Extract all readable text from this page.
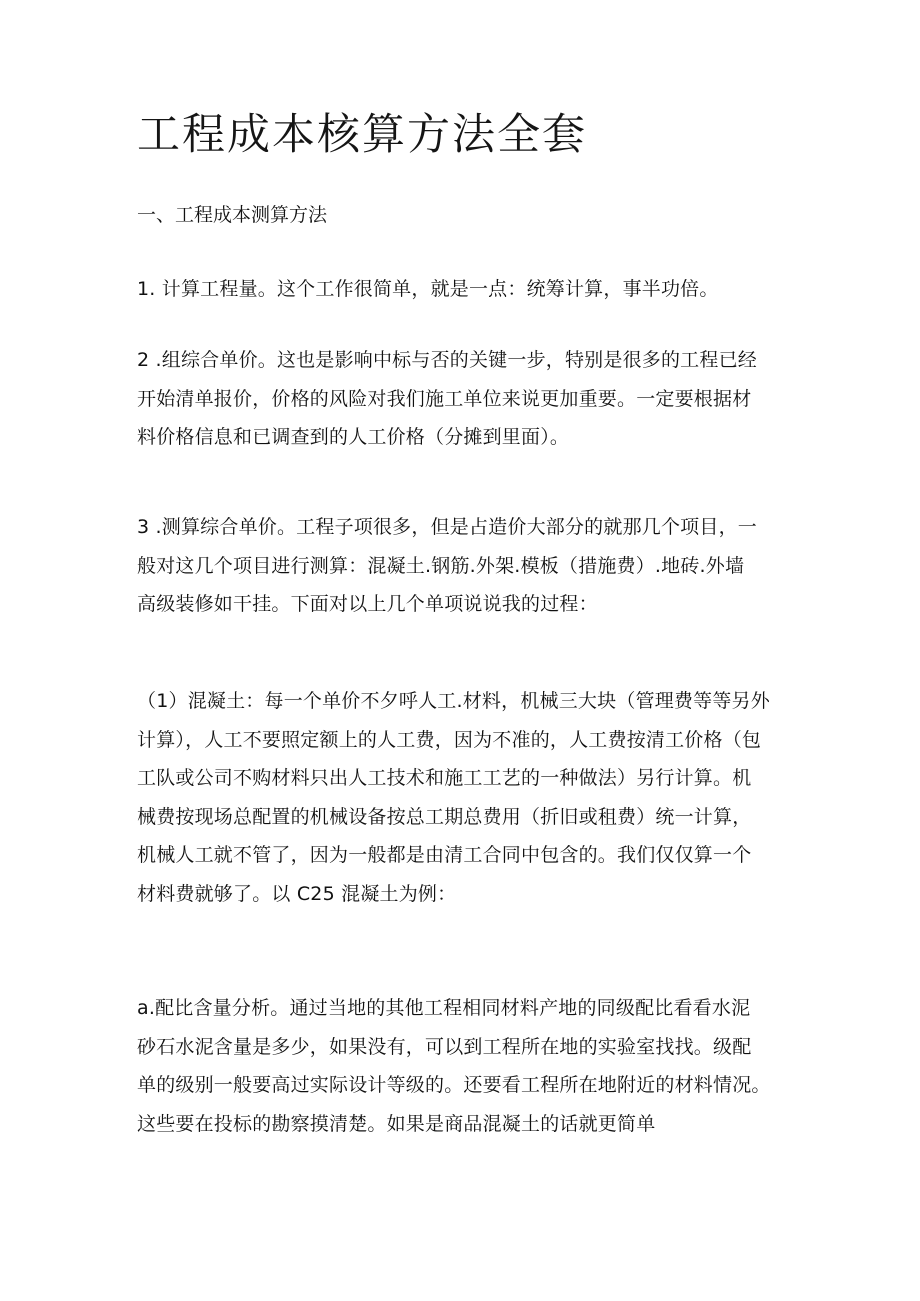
工程成本核算方法全套
一、工程成本测算方法
1. 计算工程量。这个工作很简单，就是一点：统筹计算，事半功倍。
2 .组综合单价。这也是影响中标与否的关键一步，特别是很多的工程已经
开始清单报价，价格的风险对我们施工单位来说更加重要。一定要根据材
料价格信息和已调查到的人工价格（分摊到里面）。
3 .测算综合单价。工程子项很多，但是占造价大部分的就那几个项目，一
般对这几个项目进行测算：混凝土.钢筋.外架.模板（措施费）.地砖.外墙
高级装修如干挂。下面对以上几个单项说说我的过程：
（1）混凝土：每一个单价不夕呼人工.材料，机械三大块（管理费等等另外
计算），人工不要照定额上的人工费，因为不准的，人工费按清工价格（包
工队或公司不购材料只出人工技术和施工工艺的一种做法）另行计算。机
械费按现场总配置的机械设备按总工期总费用（折旧或租费）统一计算，
机械人工就不管了，因为一般都是由清工合同中包含的。我们仅仅算一个
材料费就够了。以 C25 混凝土为例：
a.配比含量分析。通过当地的其他工程相同材料产地的同级配比看看水泥
砂石水泥含量是多少，如果没有，可以到工程所在地的实验室找找。级配
单的级别一般要高过实际设计等级的。还要看工程所在地附近的材料情况。
这些要在投标的勘察摸清楚。如果是商品混凝土的话就更简单
